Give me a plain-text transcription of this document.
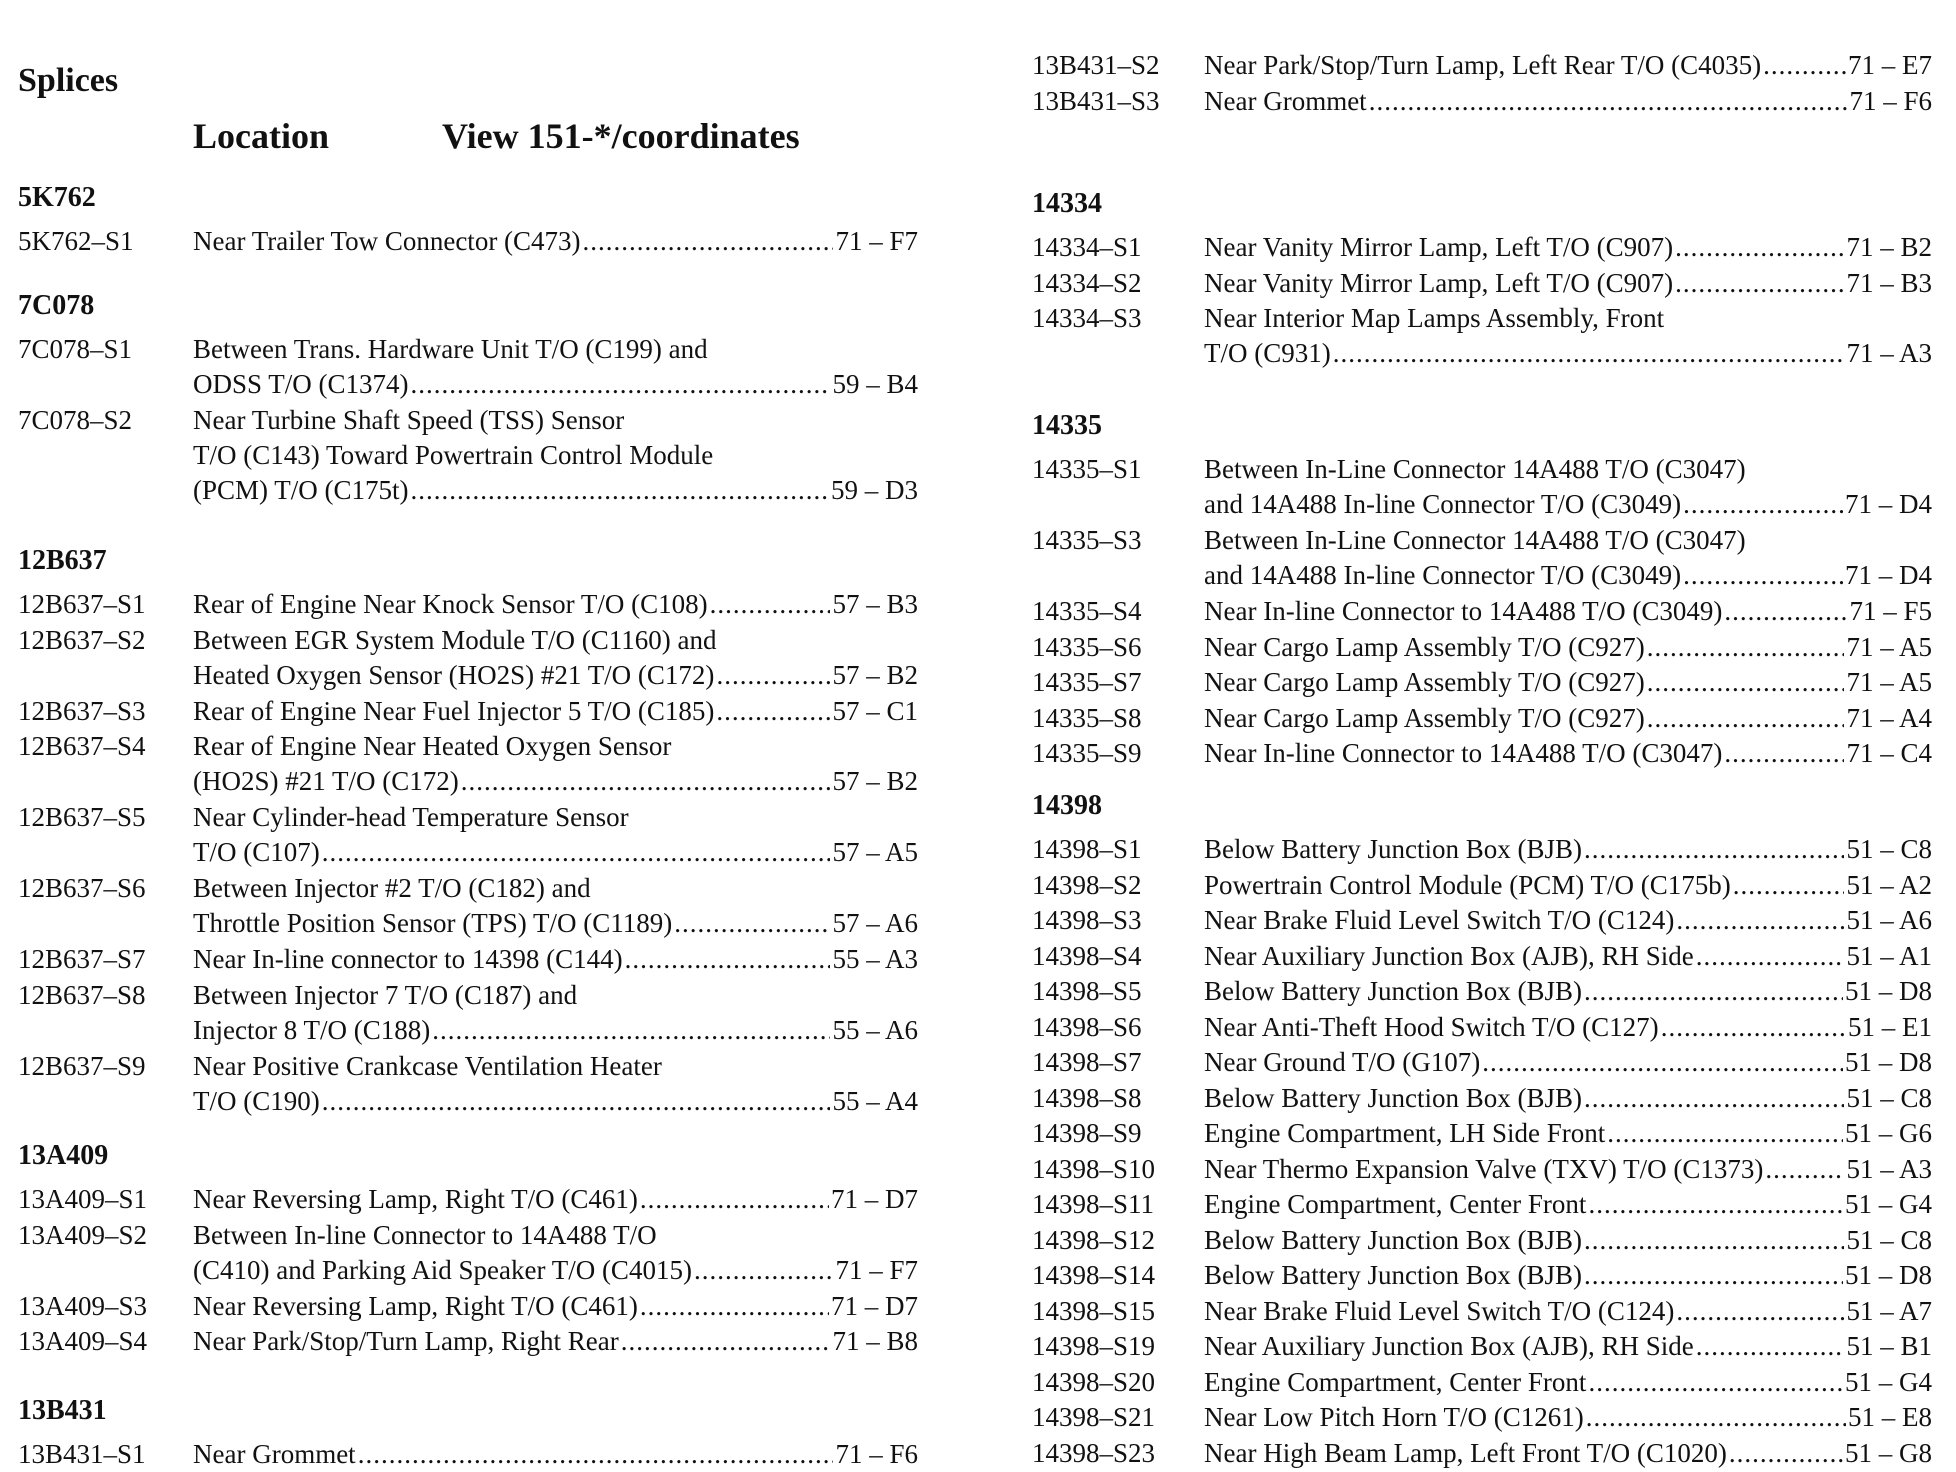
Splices
Location	View 151-*/coordinates
5K762
5K762–S1 Near Trailer Tow Connector (C473) .....	71 – F7
7C078
7C078–S1 Between Trans. Hardware Unit T/O (C199) and
ODSS T/O (C1374) .....	59 – B4
7C078–S2 Near Turbine Shaft Speed (TSS) Sensor
T/O (C143) Toward Powertrain Control Module
(PCM) T/O (C175t) .....	59 – D3
12B637
12B637–S1 Rear of Engine Near Knock Sensor T/O (C108) .....	57 – B3
12B637–S2 Between EGR System Module T/O (C1160) and
Heated Oxygen Sensor (HO2S) #21 T/O (C172) .....	57 – B2
12B637–S3 Rear of Engine Near Fuel Injector 5 T/O (C185) .....	57 – C1
12B637–S4 Rear of Engine Near Heated Oxygen Sensor
(HO2S) #21 T/O (C172) .....	57 – B2
12B637–S5 Near Cylinder-head Temperature Sensor
T/O (C107) .....	57 – A5
12B637–S6 Between Injector #2 T/O (C182) and
Throttle Position Sensor (TPS) T/O (C1189) .....	57 – A6
12B637–S7 Near In-line connector to 14398 (C144) .....	55 – A3
12B637–S8 Between Injector 7 T/O (C187) and
Injector 8 T/O (C188) .....	55 – A6
12B637–S9 Near Positive Crankcase Ventilation Heater
T/O (C190) .....	55 – A4
13A409
13A409–S1 Near Reversing Lamp, Right T/O (C461) .....	71 – D7
13A409–S2 Between In-line Connector to 14A488 T/O
(C410) and Parking Aid Speaker T/O (C4015) .....	71 – F7
13A409–S3 Near Reversing Lamp, Right T/O (C461) .....	71 – D7
13A409–S4 Near Park/Stop/Turn Lamp, Right Rear .....	71 – B8
13B431
13B431–S1 Near Grommet .....	71 – F6
13B431–S2 Near Park/Stop/Turn Lamp, Left Rear T/O (C4035) .....	71 – E7
13B431–S3 Near Grommet .....	71 – F6
14334
14334–S1 Near Vanity Mirror Lamp, Left T/O (C907) .....	71 – B2
14334–S2 Near Vanity Mirror Lamp, Left T/O (C907) .....	71 – B3
14334–S3 Near Interior Map Lamps Assembly, Front
T/O (C931) .....	71 – A3
14335
14335–S1 Between In-Line Connector 14A488 T/O (C3047)
and 14A488 In-line Connector T/O (C3049) .....	71 – D4
14335–S3 Between In-Line Connector 14A488 T/O (C3047)
and 14A488 In-line Connector T/O (C3049) .....	71 – D4
14335–S4 Near In-line Connector to 14A488 T/O (C3049) .....	71 – F5
14335–S6 Near Cargo Lamp Assembly T/O (C927) .....	71 – A5
14335–S7 Near Cargo Lamp Assembly T/O (C927) .....	71 – A5
14335–S8 Near Cargo Lamp Assembly T/O (C927) .....	71 – A4
14335–S9 Near In-line Connector to 14A488 T/O (C3047) .....	71 – C4
14398
14398–S1 Below Battery Junction Box (BJB) .....	51 – C8
14398–S2 Powertrain Control Module (PCM) T/O (C175b) .....	51 – A2
14398–S3 Near Brake Fluid Level Switch T/O (C124) .....	51 – A6
14398–S4 Near Auxiliary Junction Box (AJB), RH Side .....	51 – A1
14398–S5 Below Battery Junction Box (BJB) .....	51 – D8
14398–S6 Near Anti-Theft Hood Switch T/O (C127) .....	51 – E1
14398–S7 Near Ground T/O (G107) .....	51 – D8
14398–S8 Below Battery Junction Box (BJB) .....	51 – C8
14398–S9 Engine Compartment, LH Side Front .....	51 – G6
14398–S10 Near Thermo Expansion Valve (TXV) T/O (C1373) .....	51 – A3
14398–S11 Engine Compartment, Center Front .....	51 – G4
14398–S12 Below Battery Junction Box (BJB) .....	51 – C8
14398–S14 Below Battery Junction Box (BJB) .....	51 – D8
14398–S15 Near Brake Fluid Level Switch T/O (C124) .....	51 – A7
14398–S19 Near Auxiliary Junction Box (AJB), RH Side .....	51 – B1
14398–S20 Engine Compartment, Center Front .....	51 – G4
14398–S21 Near Low Pitch Horn T/O (C1261) .....	51 – E8
14398–S23 Near High Beam Lamp, Left Front T/O (C1020) .....	51 – G8
